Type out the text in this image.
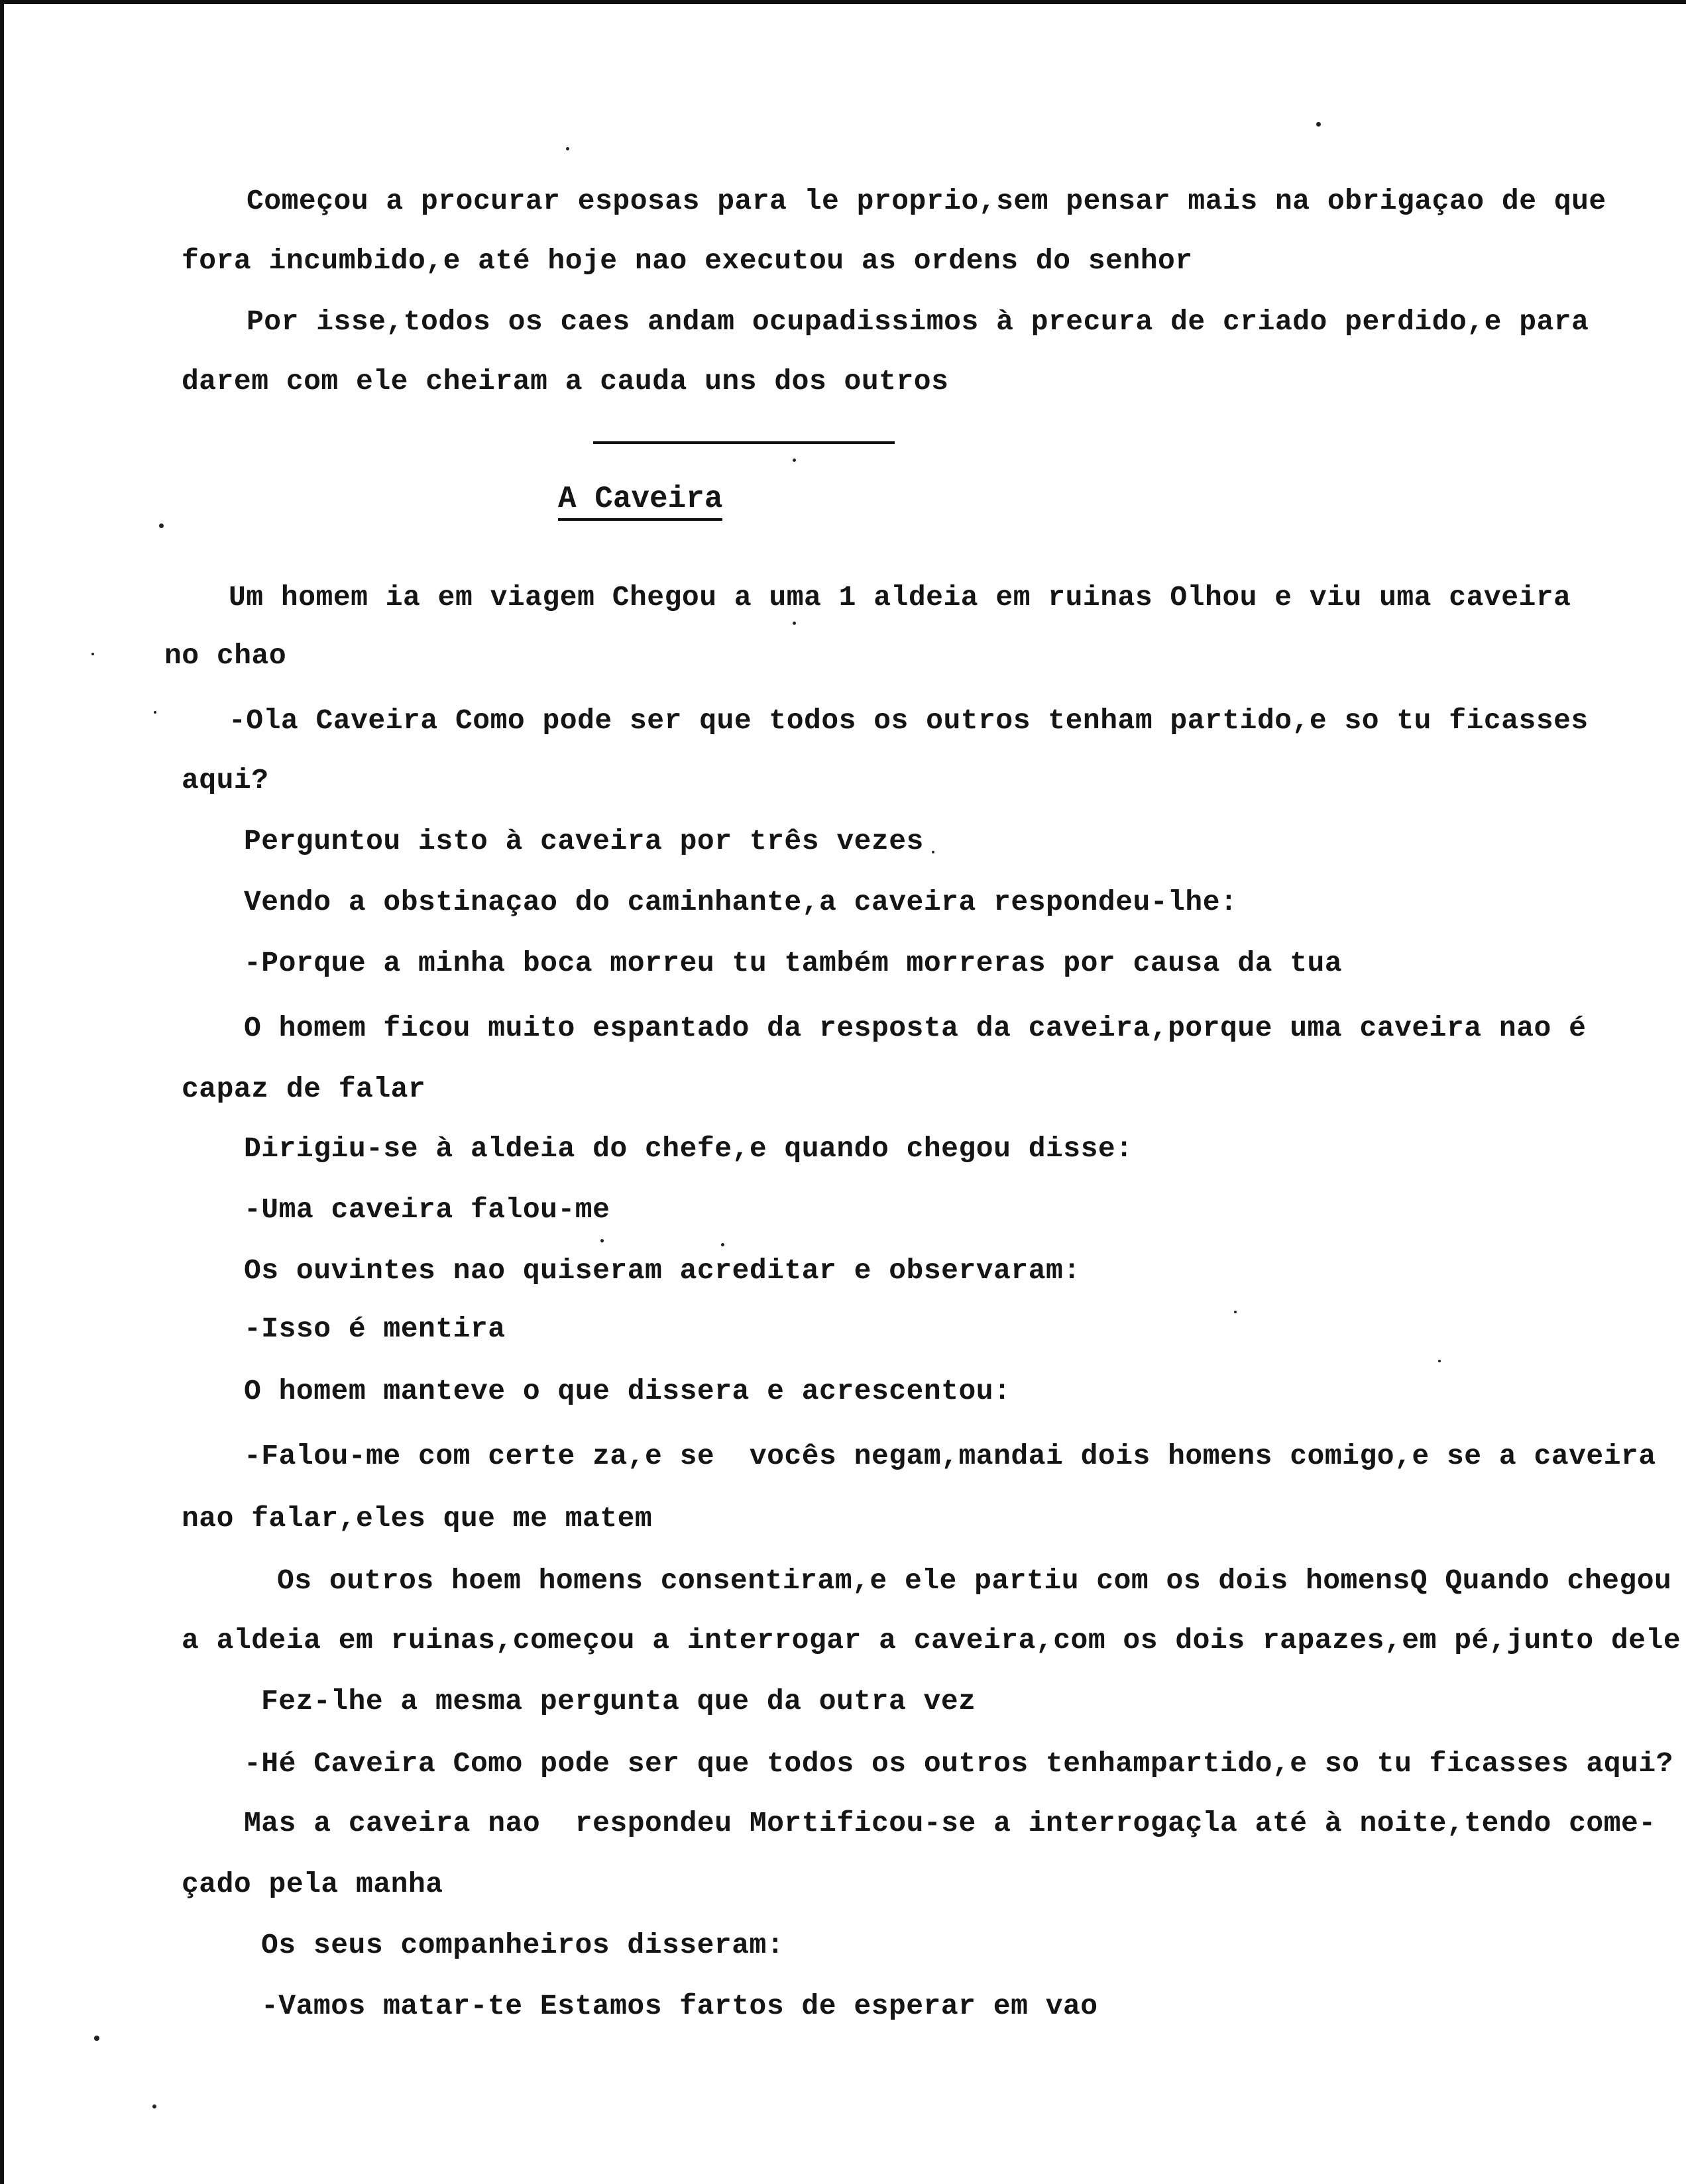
Começou a procurar esposas para le proprio,sem pensar mais na obrigaçao de que
fora incumbido,e até hoje nao executou as ordens do senhor
Por isse,todos os caes andam ocupadissimos à precura de criado perdido,e para
darem com ele cheiram a cauda uns dos outros
A Caveira
Um homem ia em viagem Chegou a uma 1 aldeia em ruinas Olhou e viu uma caveira
no chao
-Ola Caveira Como pode ser que todos os outros tenham partido,e so tu ficasses
aqui?
Perguntou isto à caveira por três vezes
Vendo a obstinaçao do caminhante,a caveira respondeu-lhe:
-Porque a minha boca morreu tu também morreras por causa da tua
O homem ficou muito espantado da resposta da caveira,porque uma caveira nao é
capaz de falar
Dirigiu-se à aldeia do chefe,e quando chegou disse:
-Uma caveira falou-me
Os ouvintes nao quiseram acreditar e observaram:
-Isso é mentira
O homem manteve o que dissera e acrescentou:
-Falou-me com certe za,e se  vocês negam,mandai dois homens comigo,e se a caveira
nao falar,eles que me matem
Os outros hoem homens consentiram,e ele partiu com os dois homensQ Quando chegou
a aldeia em ruinas,começou a interrogar a caveira,com os dois rapazes,em pé,junto dele
Fez-lhe a mesma pergunta que da outra vez
-Hé Caveira Como pode ser que todos os outros tenhampartido,e so tu ficasses aqui?
Mas a caveira nao  respondeu Mortificou-se a interrogaçla até à noite,tendo come-
çado pela manha
Os seus companheiros disseram:
-Vamos matar-te Estamos fartos de esperar em vao
